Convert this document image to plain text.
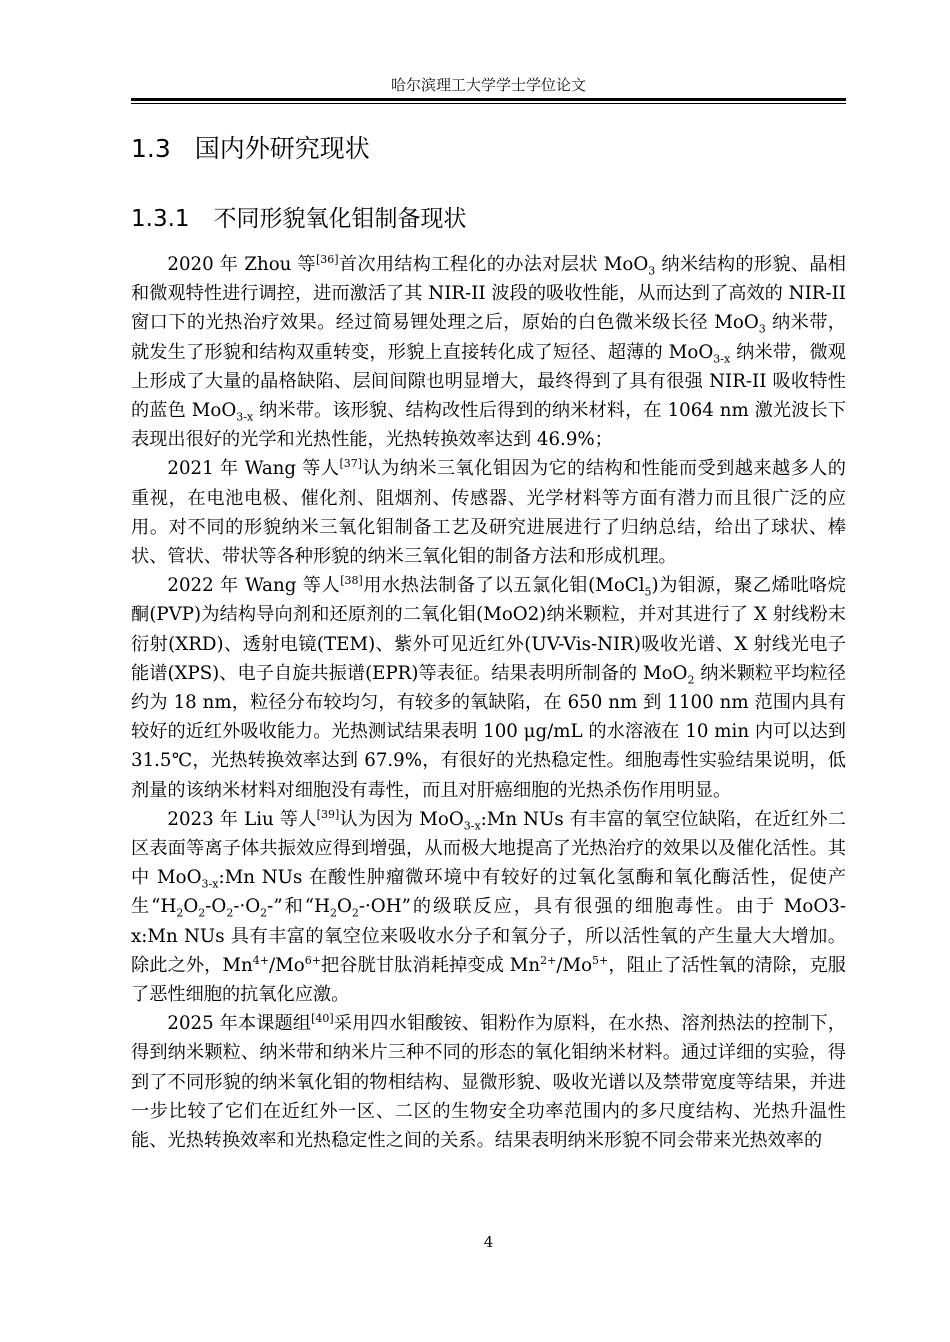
哈尔滨理工大学学士学位论文
1.3 国内外研究现状
1.3.1 不同形貌氧化钼制备现状

2020 年 Zhou 等[36]首次用结构工程化的办法对层状 MoO$_3$ 纳米结构的形貌、晶相和微观特性进行调控，进而激活了其 NIR-II 波段的吸收性能，从而达到了高效的 NIR-II 窗口下的光热治疗效果。经过简易锂处理之后，原始的白色微米级长径 MoO$_3$ 纳米带，就发生了形貌和结构双重转变，形貌上直接转化成了短径、超薄的 MoO$_{3-x}$ 纳米带，微观上形成了大量的晶格缺陷、层间间隙也明显增大，最终得到了具有很强 NIR-II 吸收特性的蓝色 MoO$_{3-x}$ 纳米带。该形貌、结构改性后得到的纳米材料，在 1064 nm 激光波长下表现出很好的光学和光热性能，光热转换效率达到 46.9%；

2021 年 Wang 等人[37]认为纳米三氧化钼因为它的结构和性能而受到越来越多人的重视，在电池电极、催化剂、阻烟剂、传感器、光学材料等方面有潜力而且很广泛的应用。对不同的形貌纳米三氧化钼制备工艺及研究进展进行了归纳总结，给出了球状、棒状、管状、带状等各种形貌的纳米三氧化钼的制备方法和形成机理。

2022 年 Wang 等人[38]用水热法制备了以五氯化钼(MoCl$_5$)为钼源，聚乙烯吡咯烷酮(PVP)为结构导向剂和还原剂的二氧化钼(MoO2)纳米颗粒，并对其进行了 X 射线粉末衍射(XRD)、透射电镜(TEM)、紫外可见近红外(UV-Vis-NIR)吸收光谱、X 射线光电子能谱(XPS)、电子自旋共振谱(EPR)等表征。结果表明所制备的 MoO$_2$ 纳米颗粒平均粒径约为 18 nm，粒径分布较均匀，有较多的氧缺陷，在 650 nm 到 1100 nm 范围内具有较好的近红外吸收能力。光热测试结果表明 100 μg/mL 的水溶液在 10 min 内可以达到 31.5℃，光热转换效率达到 67.9%，有很好的光热稳定性。细胞毒性实验结果说明，低剂量的该纳米材料对细胞没有毒性，而且对肝癌细胞的光热杀伤作用明显。

2023 年 Liu 等人[39]认为因为 MoO$_{3-x}$:Mn NUs 有丰富的氧空位缺陷，在近红外二区表面等离子体共振效应得到增强，从而极大地提高了光热治疗的效果以及催化活性。其中 MoO$_{3-x}$:Mn NUs 在酸性肿瘤微环境中有较好的过氧化氢酶和氧化酶活性，促使产生“$H_2O_2-O_2-\cdot O_2-$”和“$H_2O_2-\cdot OH$”的级联反应，具有很强的细胞毒性。由于 MoO3-x:Mn NUs 具有丰富的氧空位来吸收水分子和氧分子，所以活性氧的产生量大大增加。除此之外，$Mn^{4+}/Mo^{6+}$把谷胱甘肽消耗掉变成 $Mn^{2+}/Mo^{5+}$，阻止了活性氧的清除，克服了恶性细胞的抗氧化应激。

2025 年本课题组[40]采用四水钼酸铵、钼粉作为原料，在水热、溶剂热法的控制下，得到纳米颗粒、纳米带和纳米片三种不同的形态的氧化钼纳米材料。通过详细的实验，得到了不同形貌的纳米氧化钼的物相结构、显微形貌、吸收光谱以及禁带宽度等结果，并进一步比较了它们在近红外一区、二区的生物安全功率范围内的多尺度结构、光热升温性能、光热转换效率和光热稳定性之间的关系。结果表明纳米形貌不同会带来光热效率的

4
